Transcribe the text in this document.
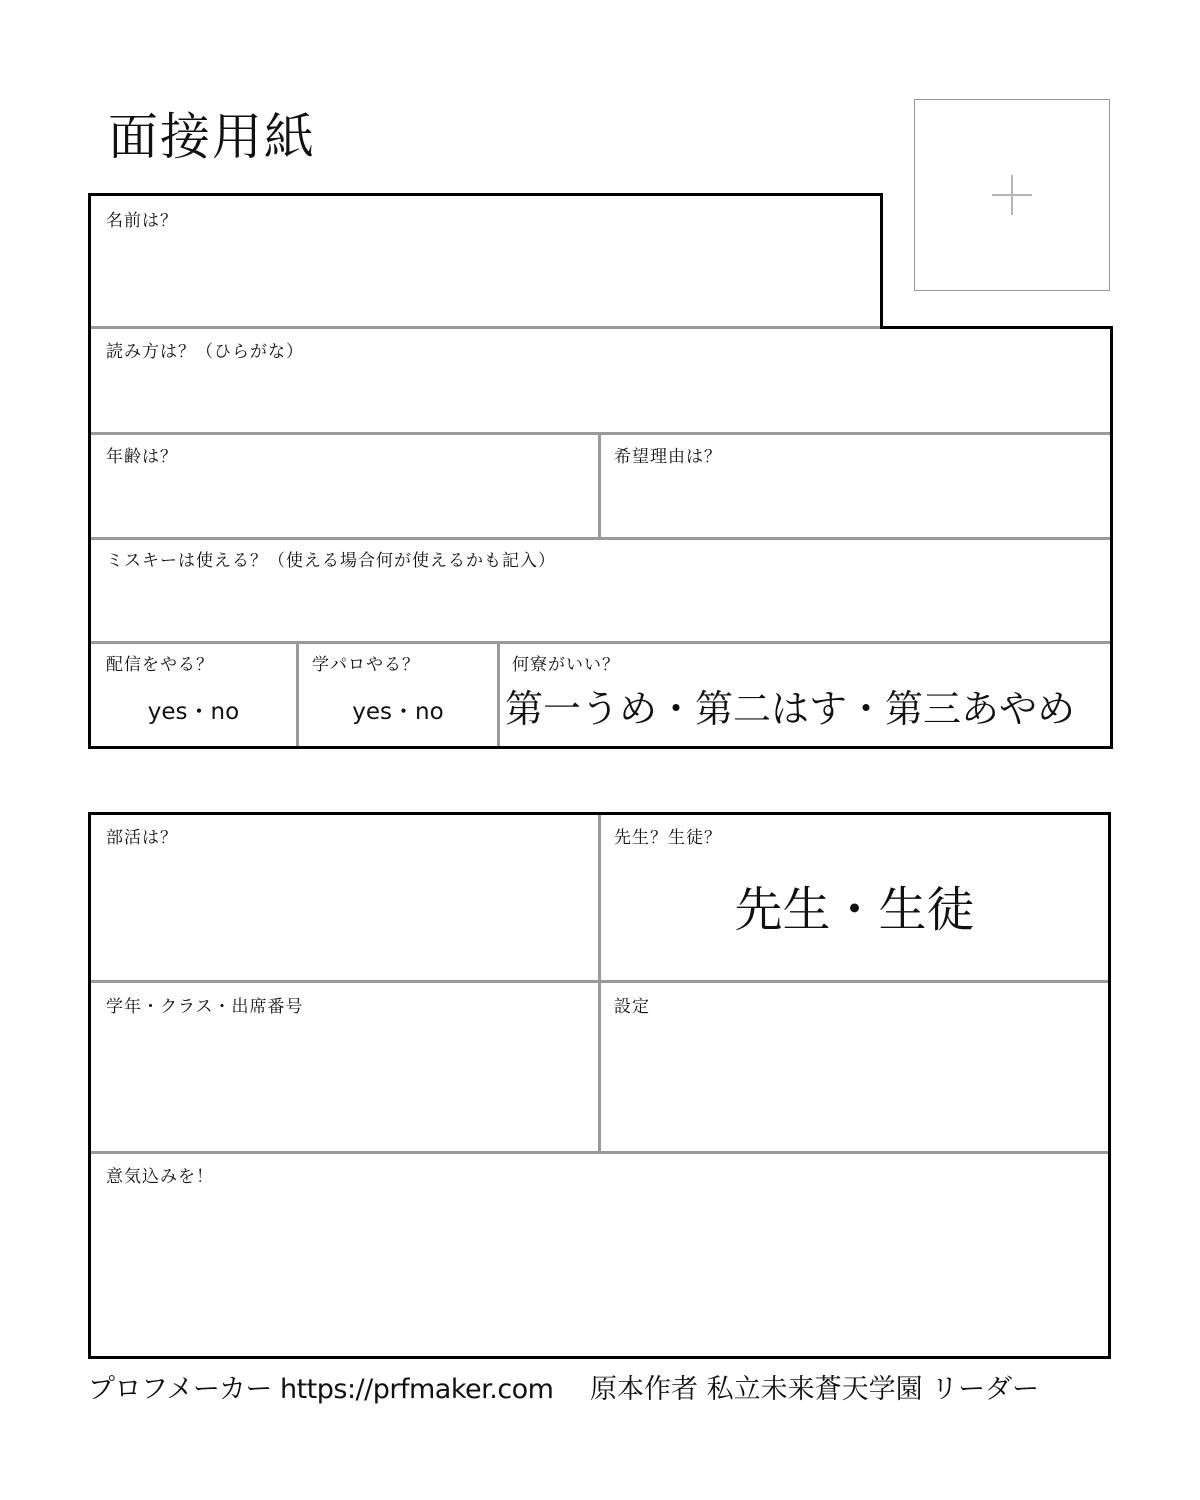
面接用紙
名前は？
読み方は？（ひらがな）
年齢は？	希望理由は？
ミスキーは使える？（使える場合何が使えるかも記入）
配信をやる？
yes・no
学パロやる？
yes・no
何寮がいい？
第一うめ・第二はす・第三あやめ
部活は？	先生？生徒？
先生・生徒
学年・クラス・出席番号	設定
意気込みを！
プロフメーカー https://prfmaker.com 原本作者 私立未来蒼天学園 リーダー
